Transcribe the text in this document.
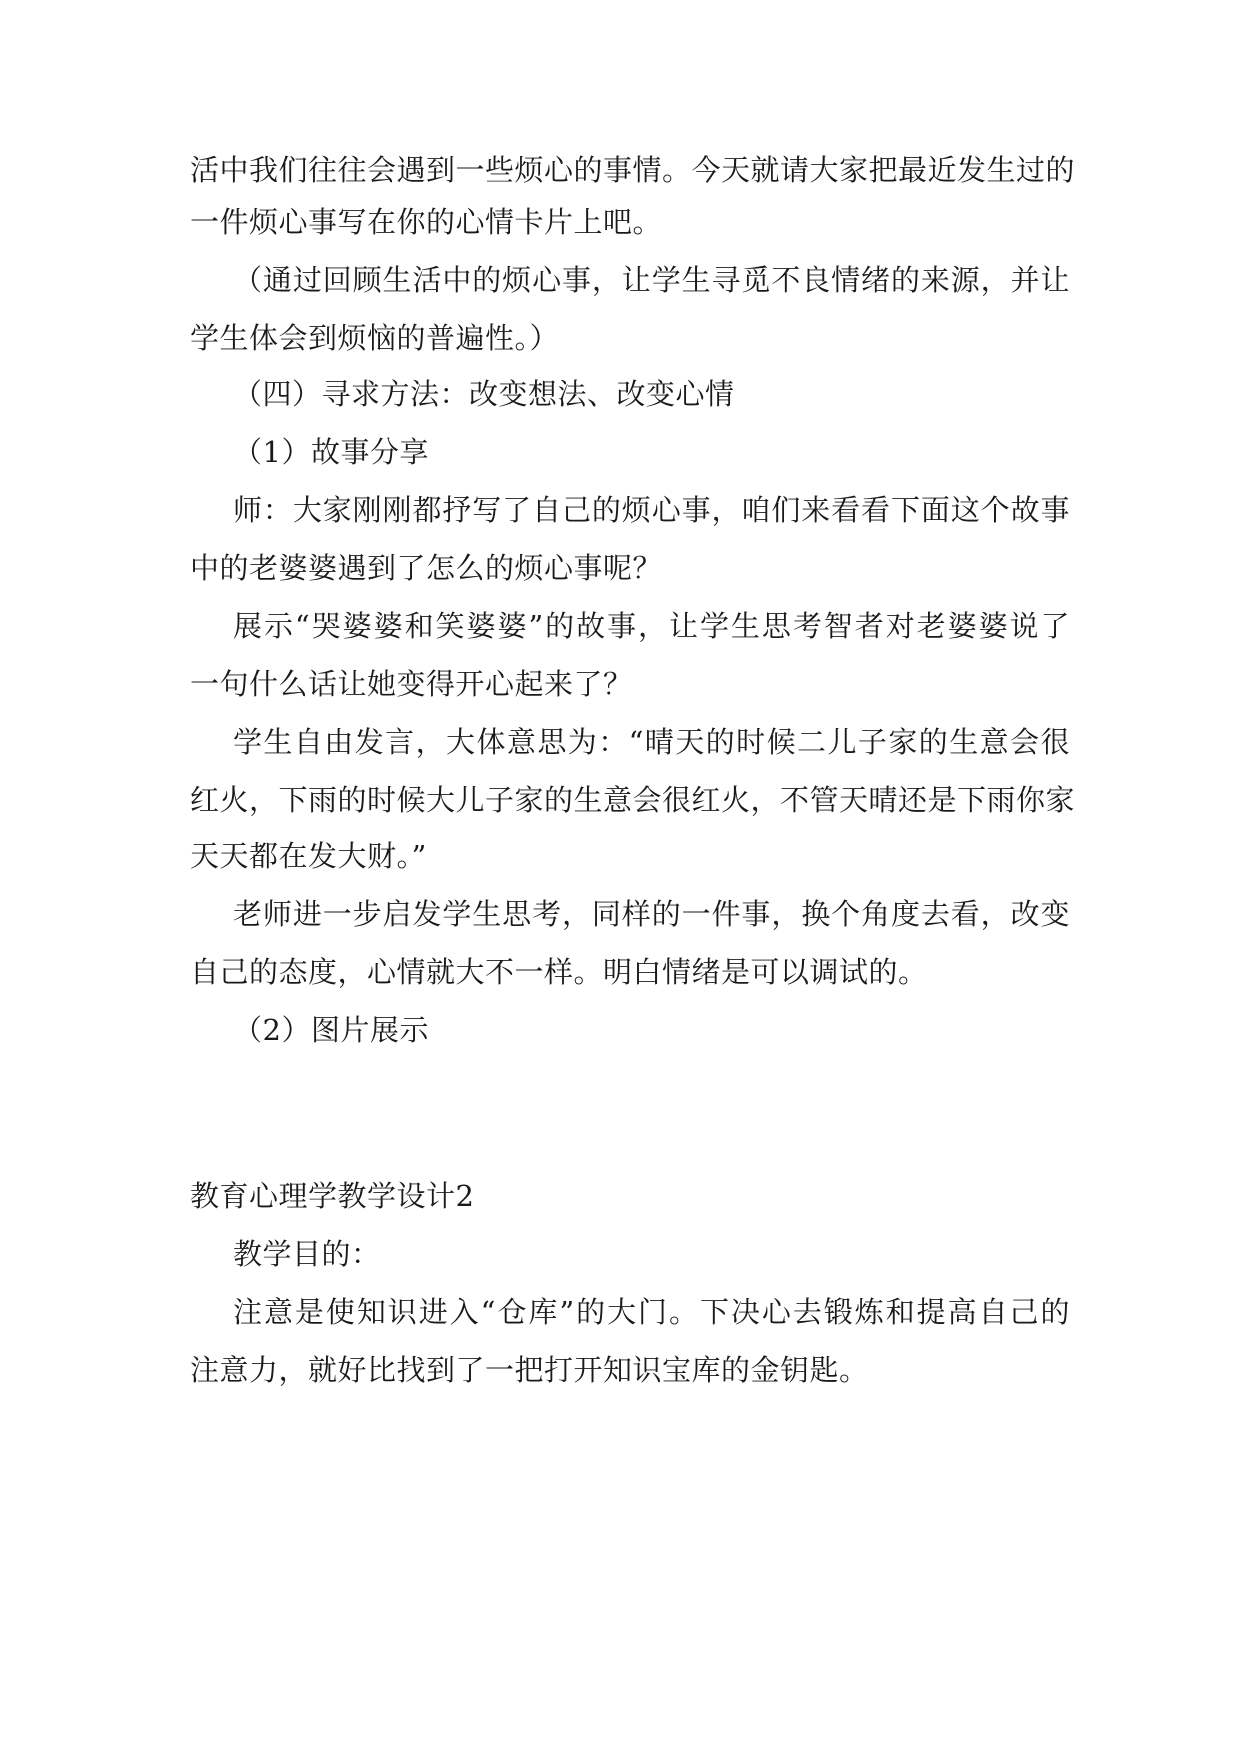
活中我们往往会遇到一些烦心的事情。今天就请大家把最近发生过的
一件烦心事写在你的心情卡片上吧。
（通过回顾生活中的烦心事，让学生寻觅不良情绪的来源，并让
学生体会到烦恼的普遍性。）
（四）寻求方法：改变想法、改变心情
（1）故事分享
师：大家刚刚都抒写了自己的烦心事，咱们来看看下面这个故事
中的老婆婆遇到了怎么的烦心事呢？
展示“哭婆婆和笑婆婆”的故事，让学生思考智者对老婆婆说了
一句什么话让她变得开心起来了？
学生自由发言，大体意思为：“晴天的时候二儿子家的生意会很
红火，下雨的时候大儿子家的生意会很红火，不管天晴还是下雨你家
天天都在发大财。”
老师进一步启发学生思考，同样的一件事，换个角度去看，改变
自己的态度，心情就大不一样。明白情绪是可以调试的。
（2）图片展示
教育心理学教学设计2
教学目的：
注意是使知识进入“仓库”的大门。下决心去锻炼和提高自己的
注意力，就好比找到了一把打开知识宝库的金钥匙。
